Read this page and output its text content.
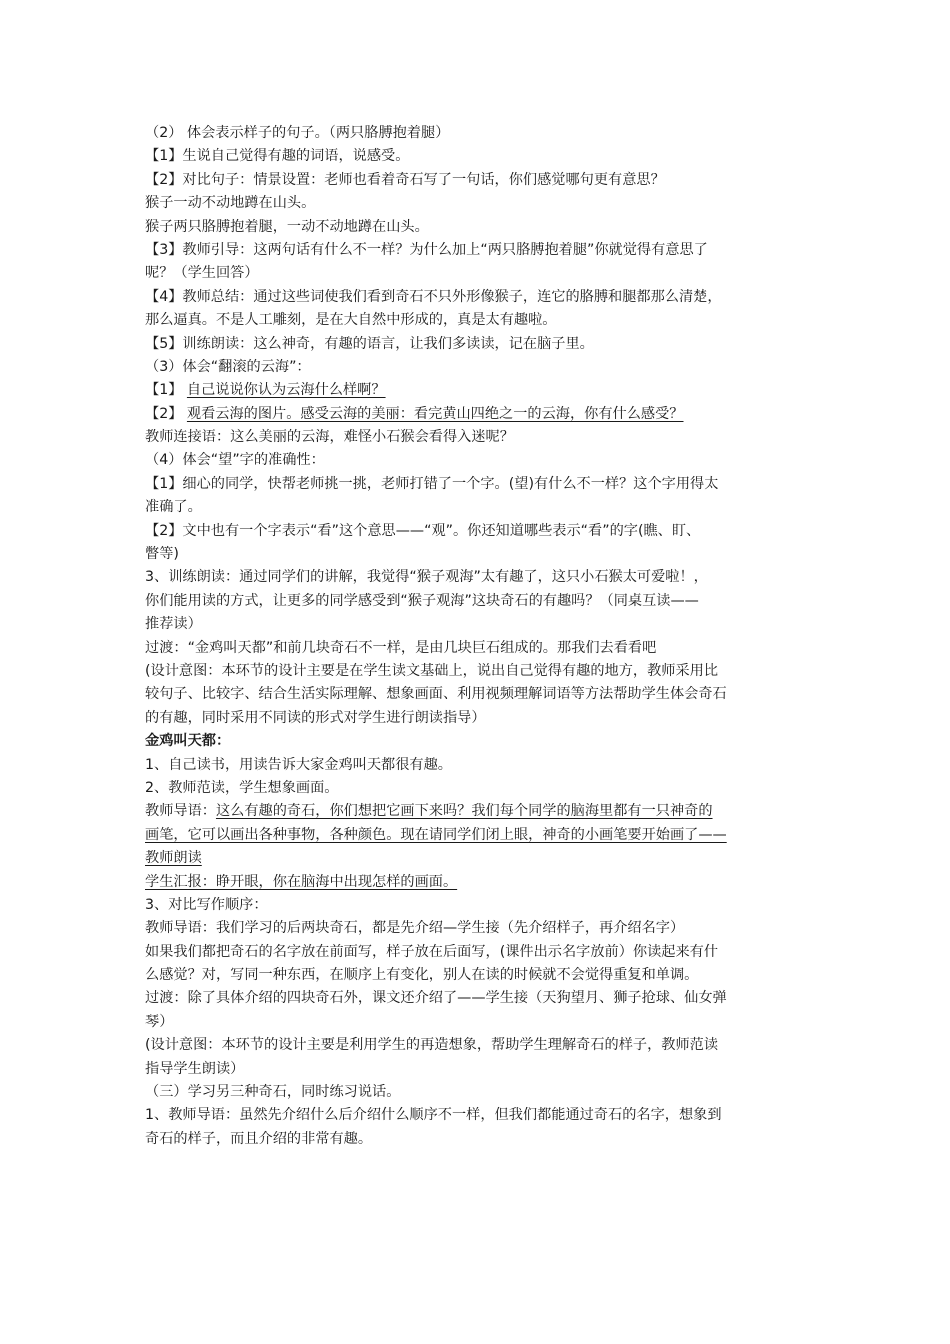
（2） 体会表示样子的句子。（两只胳膊抱着腿）
【1】生说自己觉得有趣的词语，说感受。
【2】对比句子：情景设置：老师也看着奇石写了一句话，你们感觉哪句更有意思？
猴子一动不动地蹲在山头。
猴子两只胳膊抱着腿，一动不动地蹲在山头。
【3】教师引导：这两句话有什么不一样？为什么加上“两只胳膊抱着腿”你就觉得有意思了
呢？（学生回答）
【4】教师总结：通过这些词使我们看到奇石不只外形像猴子，连它的胳膊和腿都那么清楚，
那么逼真。不是人工雕刻，是在大自然中形成的，真是太有趣啦。
【5】训练朗读：这么神奇，有趣的语言，让我们多读读，记在脑子里。
（3）体会“翻滚的云海”：
【1】 自己说说你认为云海什么样啊？
【2】 观看云海的图片。感受云海的美丽：看完黄山四绝之一的云海，你有什么感受？
教师连接语：这么美丽的云海，难怪小石猴会看得入迷呢？
（4）体会“望”字的准确性：
【1】细心的同学，快帮老师挑一挑，老师打错了一个字。(望)有什么不一样？这个字用得太
准确了。
【2】文中也有一个字表示“看”这个意思——“观”。你还知道哪些表示“看”的字(瞧、盯、
瞥等)
3、训练朗读：通过同学们的讲解，我觉得“猴子观海”太有趣了，这只小石猴太可爱啦！，
你们能用读的方式，让更多的同学感受到“猴子观海”这块奇石的有趣吗？（同桌互读——
推荐读）
过渡：“金鸡叫天都”和前几块奇石不一样，是由几块巨石组成的。那我们去看看吧
(设计意图：本环节的设计主要是在学生读文基础上，说出自己觉得有趣的地方，教师采用比
较句子、比较字、结合生活实际理解、想象画面、利用视频理解词语等方法帮助学生体会奇石
的有趣，同时采用不同读的形式对学生进行朗读指导）
金鸡叫天都：
1、自己读书，用读告诉大家金鸡叫天都很有趣。
2、教师范读，学生想象画面。
教师导语：这么有趣的奇石，你们想把它画下来吗？我们每个同学的脑海里都有一只神奇的
画笔，它可以画出各种事物，各种颜色。现在请同学们闭上眼，神奇的小画笔要开始画了——
教师朗读
学生汇报：睁开眼，你在脑海中出现怎样的画面。
3、对比写作顺序：
教师导语：我们学习的后两块奇石，都是先介绍—学生接（先介绍样子，再介绍名字）
如果我们都把奇石的名字放在前面写，样子放在后面写，(课件出示名字放前）你读起来有什
么感觉？对，写同一种东西，在顺序上有变化，别人在读的时候就不会觉得重复和单调。
过渡：除了具体介绍的四块奇石外，课文还介绍了——学生接（天狗望月、狮子抢球、仙女弹
琴）
(设计意图：本环节的设计主要是利用学生的再造想象，帮助学生理解奇石的样子，教师范读
指导学生朗读）
（三）学习另三种奇石，同时练习说话。
1、教师导语：虽然先介绍什么后介绍什么顺序不一样，但我们都能通过奇石的名字，想象到
奇石的样子，而且介绍的非常有趣。
